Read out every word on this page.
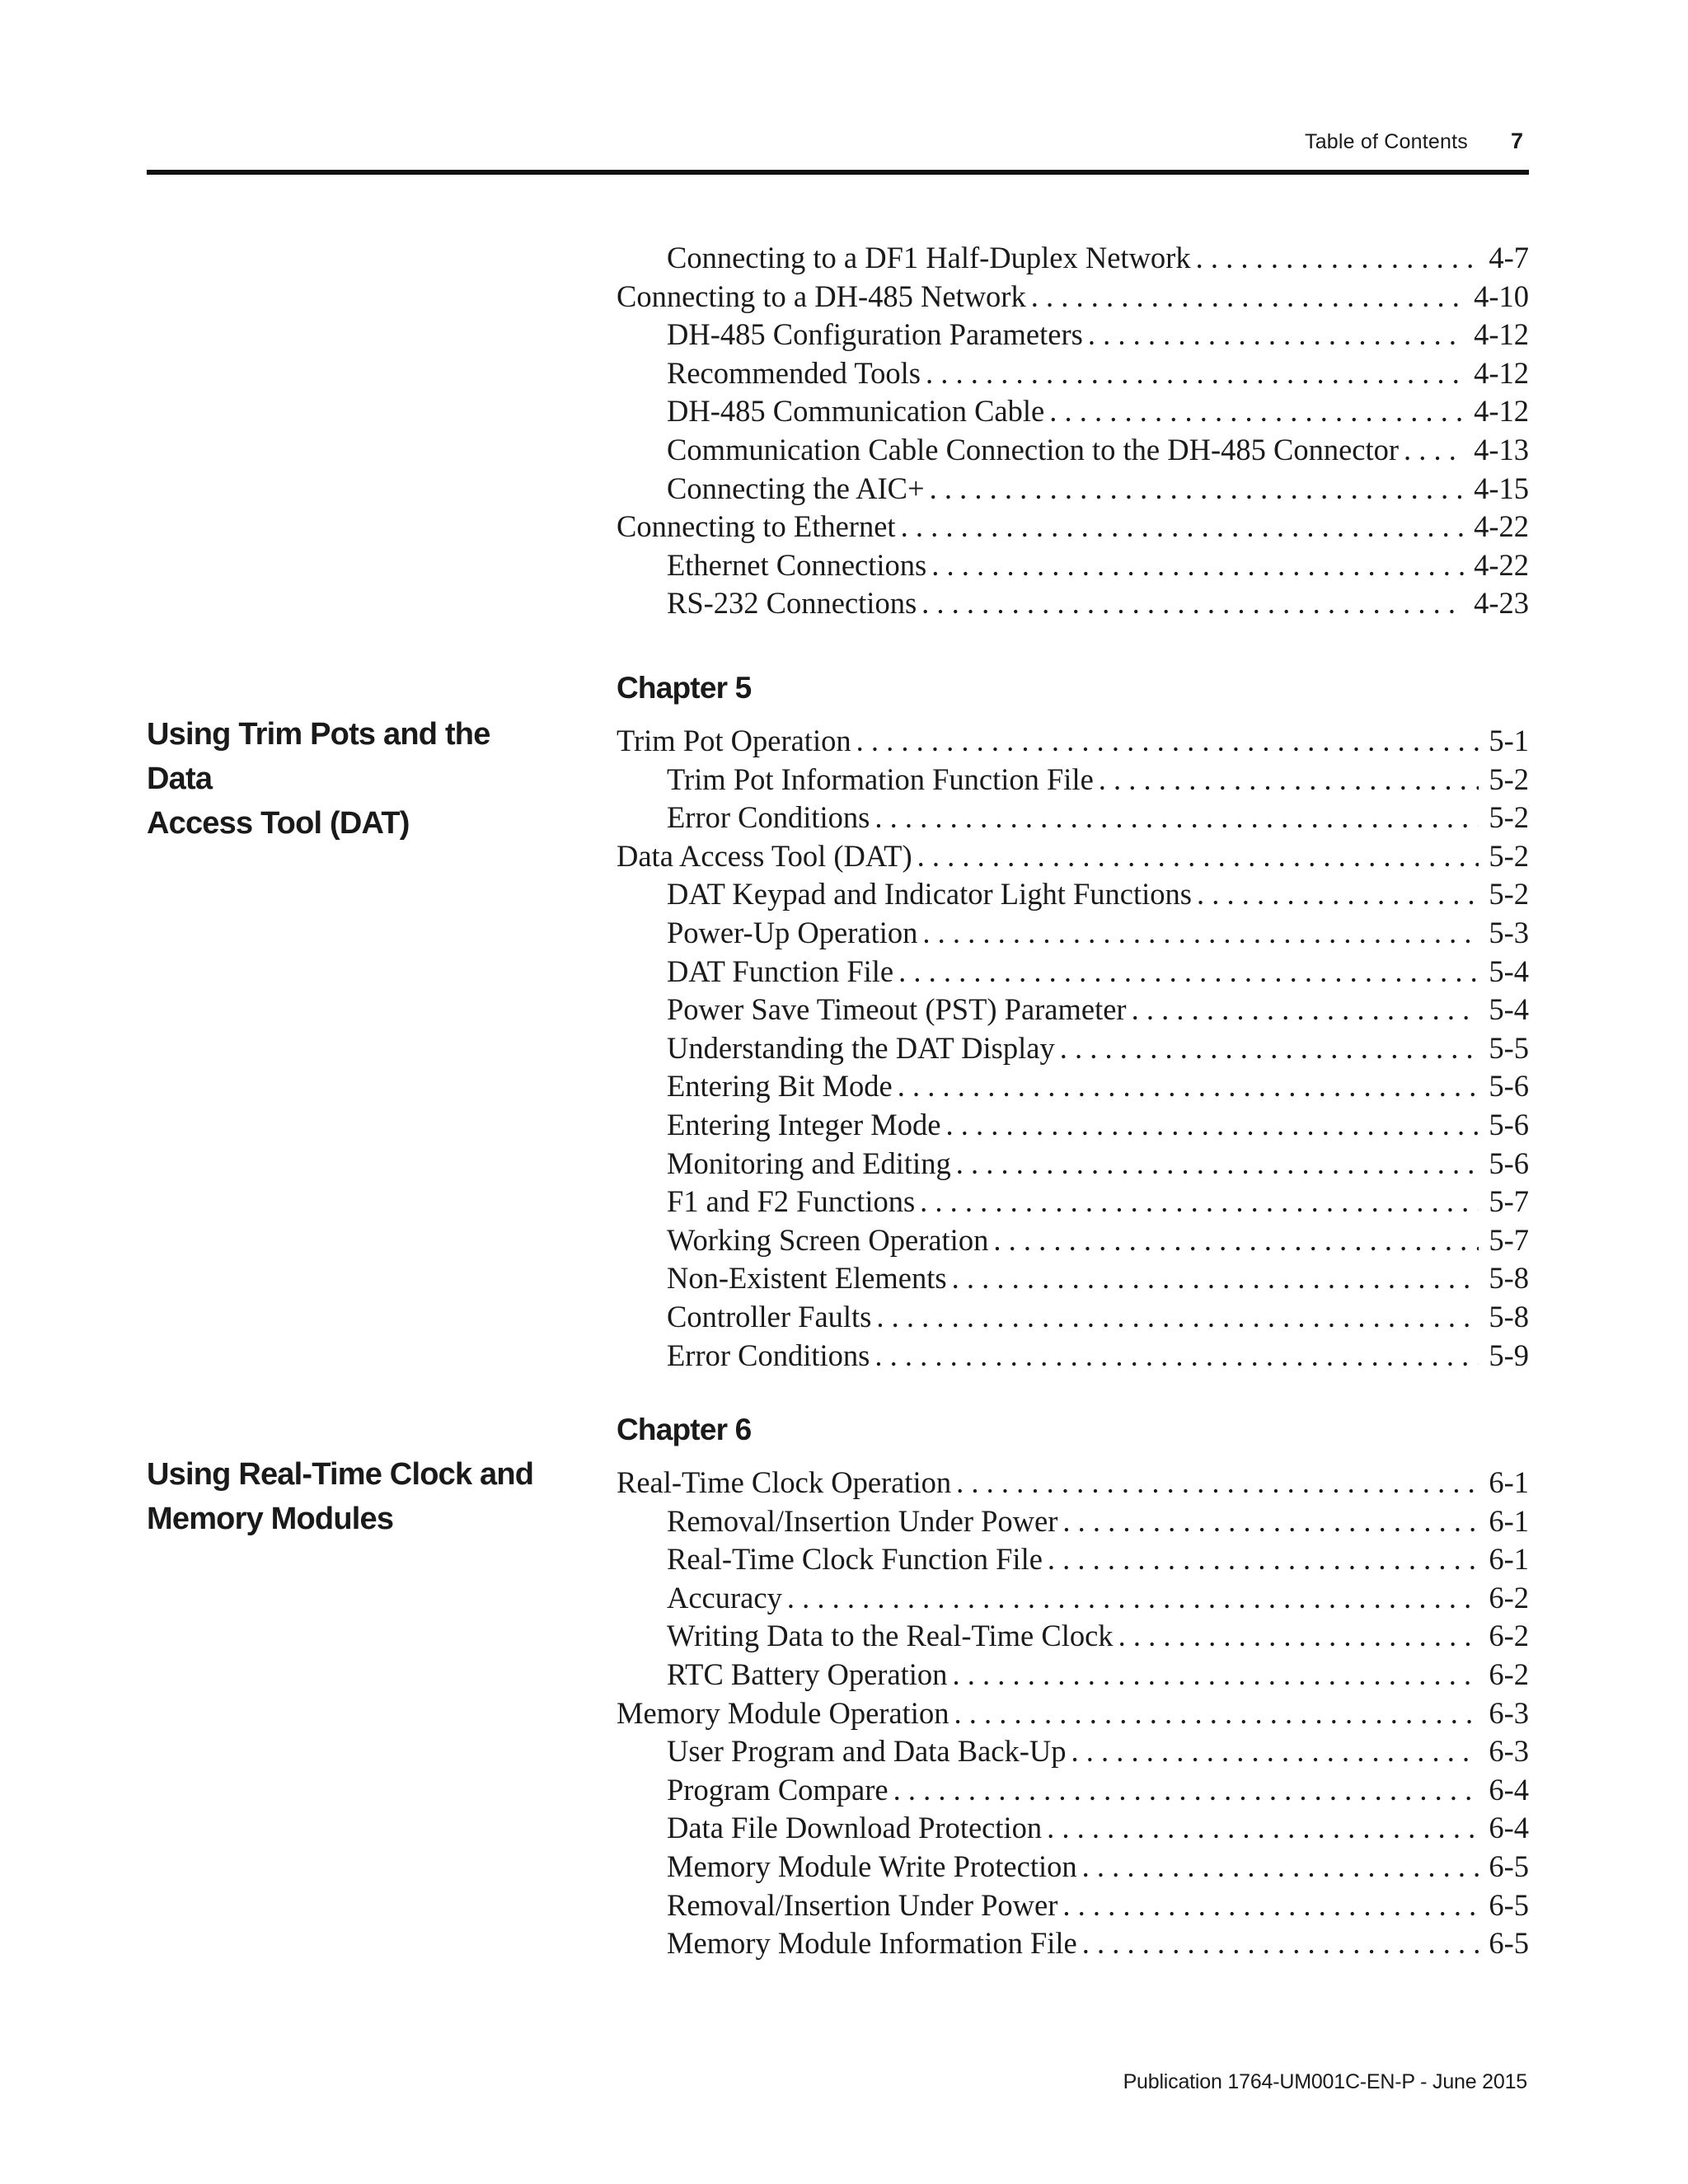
Table of Contents 7
Connecting to a DF1 Half-Duplex Network . . .	4-7
Connecting to a DH-485 Network . . .	4-10
DH-485 Configuration Parameters . . .	4-12
Recommended Tools . . .	4-12
DH-485 Communication Cable . . .	4-12
Communication Cable Connection to the DH-485 Connector . . . 4-13
Connecting the AIC+ . . .	4-15
Connecting to Ethernet . . .	4-22
Ethernet Connections . . .	4-22
RS-232 Connections . . .	4-23
Using Trim Pots and the Data
Access Tool (DAT)
Chapter 5
Trim Pot Operation . . .	5-1
Trim Pot Information Function File . . .	5-2
Error Conditions . . .	5-2
Data Access Tool (DAT) . . .	5-2
DAT Keypad and Indicator Light Functions . . .	5-2
Power-Up Operation . . .	5-3
DAT Function File . . .	5-4
Power Save Timeout (PST) Parameter . . .	5-4
Understanding the DAT Display . . .	5-5
Entering Bit Mode . . .	5-6
Entering Integer Mode . . .	5-6
Monitoring and Editing . . .	5-6
F1 and F2 Functions . . .	5-7
Working Screen Operation . . .	5-7
Non-Existent Elements . . .	5-8
Controller Faults . . .	5-8
Error Conditions . . .	5-9
Using Real-Time Clock and
Memory Modules
Chapter 6
Real-Time Clock Operation . . .	6-1
Removal/Insertion Under Power . . .	6-1
Real-Time Clock Function File . . .	6-1
Accuracy . . .	6-2
Writing Data to the Real-Time Clock . . .	6-2
RTC Battery Operation . . .	6-2
Memory Module Operation . . .	6-3
User Program and Data Back-Up . . .	6-3
Program Compare . . .	6-4
Data File Download Protection . . .	6-4
Memory Module Write Protection . . .	6-5
Removal/Insertion Under Power . . .	6-5
Memory Module Information File . . .	6-5
Publication 1764-UM001C-EN-P - June 2015
